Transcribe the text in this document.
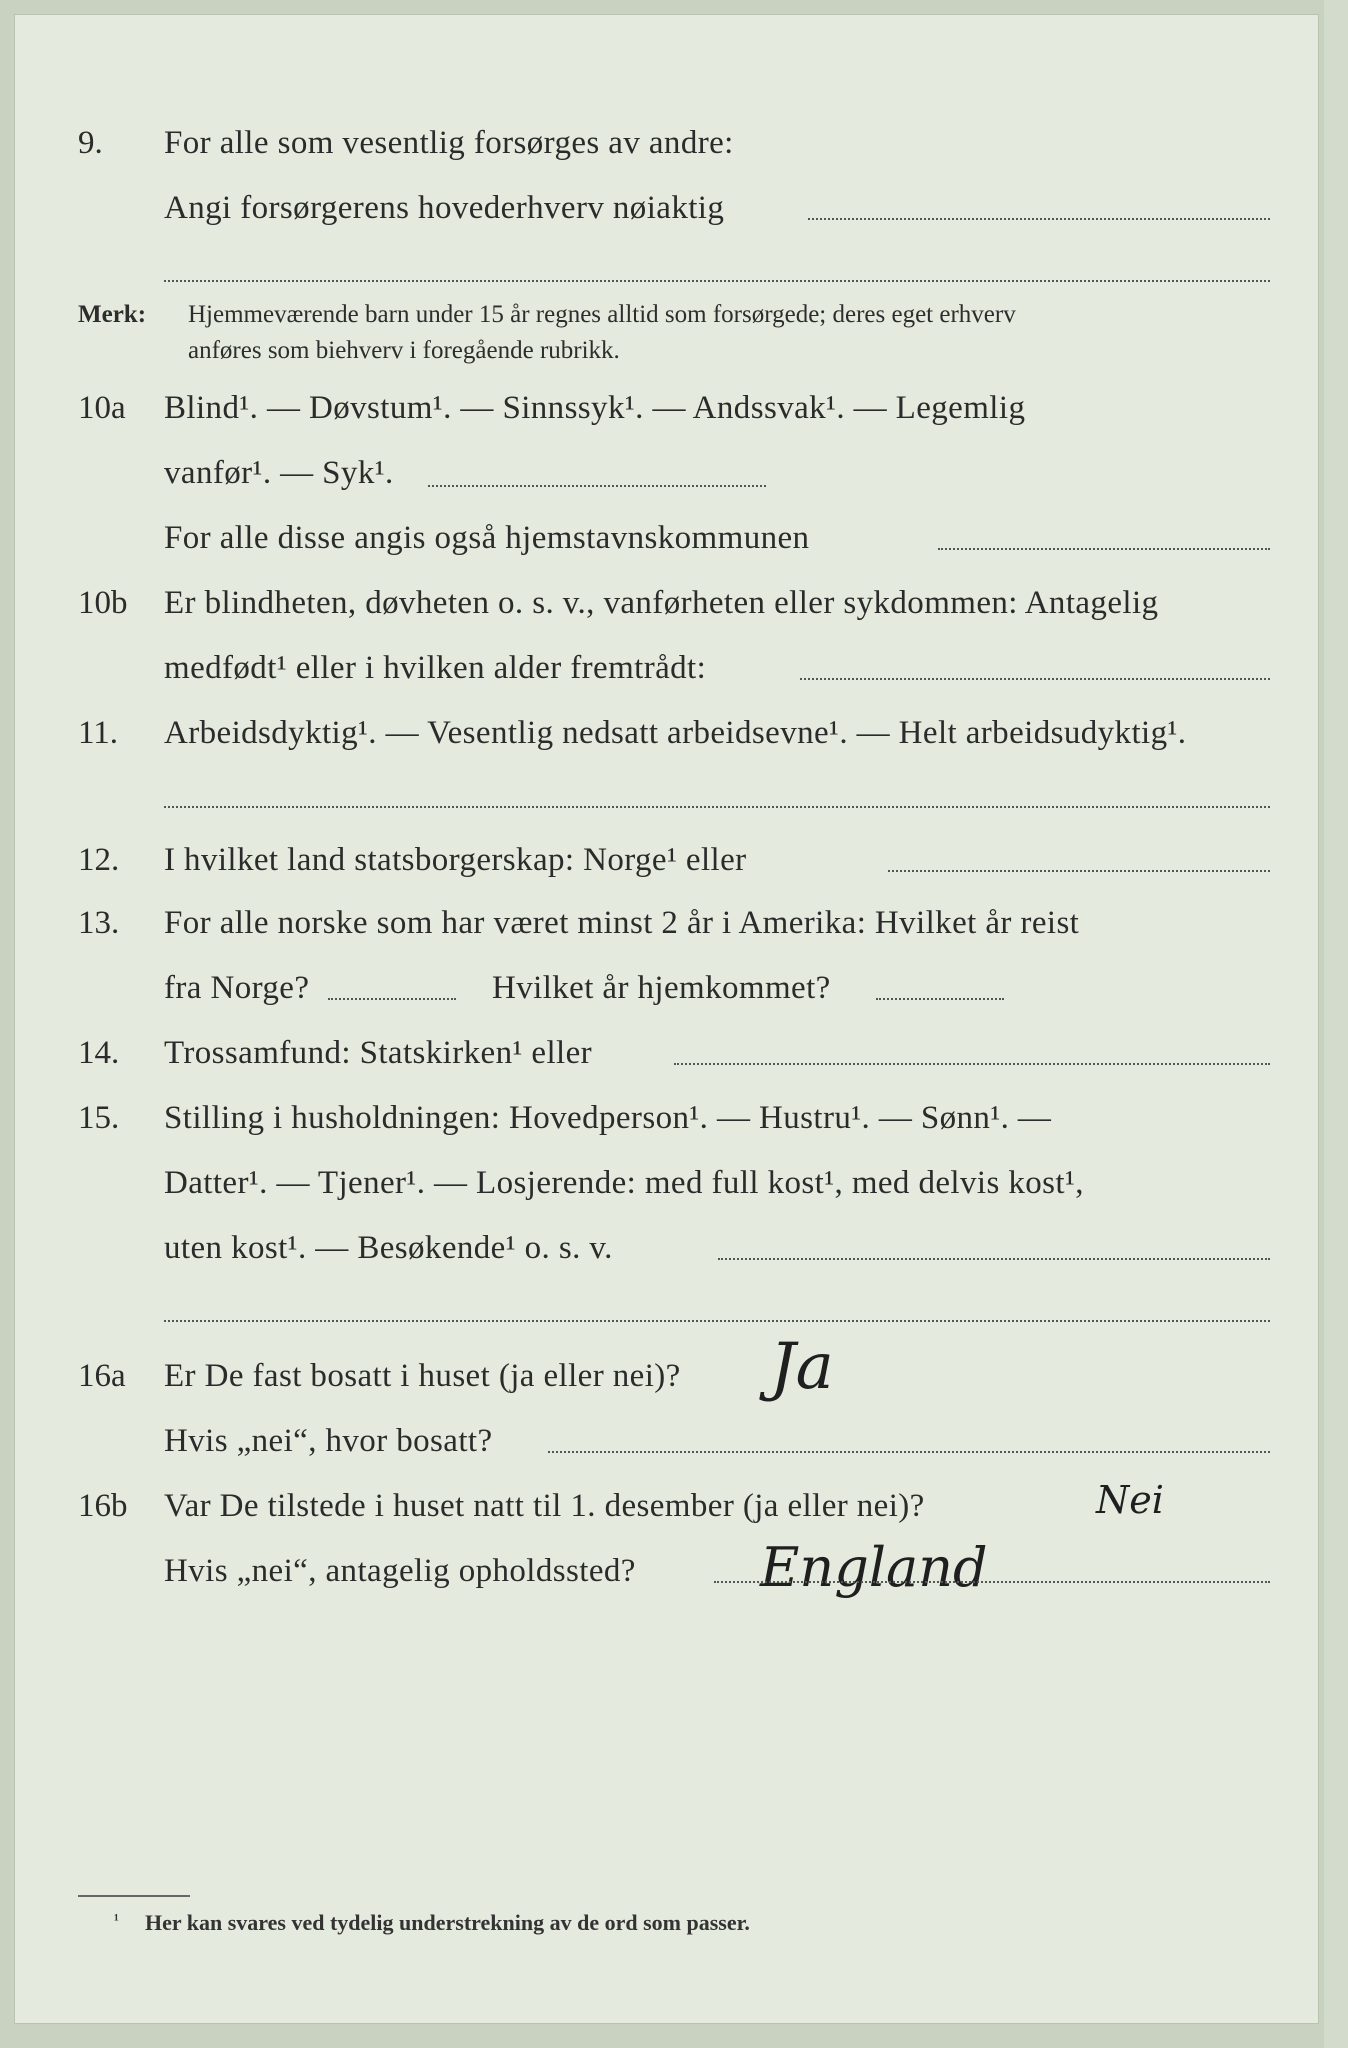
9. For alle som vesentlig forsørges av andre:
Angi forsørgerens hovederhverv nøiaktig
Merk: Hjemmeværende barn under 15 år regnes alltid som forsørgede; deres eget erhverv
anføres som biehverv i foregående rubrikk.
10a Blind¹. — Døvstum¹. — Sinnssyk¹. — Andssvak¹. — Legemlig
vanfør¹. — Syk¹.
For alle disse angis også hjemstavnskommunen
10b Er blindheten, døvheten o. s. v., vanførheten eller sykdommen: Antagelig
medfødt¹ eller i hvilken alder fremtrådt:
11. Arbeidsdyktig¹. — Vesentlig nedsatt arbeidsevne¹. — Helt arbeidsudyktig¹.
12. I hvilket land statsborgerskap: Norge¹ eller
13. For alle norske som har været minst 2 år i Amerika: Hvilket år reist
fra Norge?	Hvilket år hjemkommet?
14. Trossamfund: Statskirken¹ eller
15. Stilling i husholdningen: Hovedperson¹. — Hustru¹. — Sønn¹. —
Datter¹. — Tjener¹. — Losjerende: med full kost¹, med delvis kost¹,
uten kost¹. — Besøkende¹ o. s. v.
16a Er De fast bosatt i huset (ja eller nei)? Ja
Hvis „nei“, hvor bosatt?
16b Var De tilstede i huset natt til 1. desember (ja eller nei)?	Nei
Hvis „nei“, antagelig opholdssted? England
¹ Her kan svares ved tydelig understrekning av de ord som passer.
